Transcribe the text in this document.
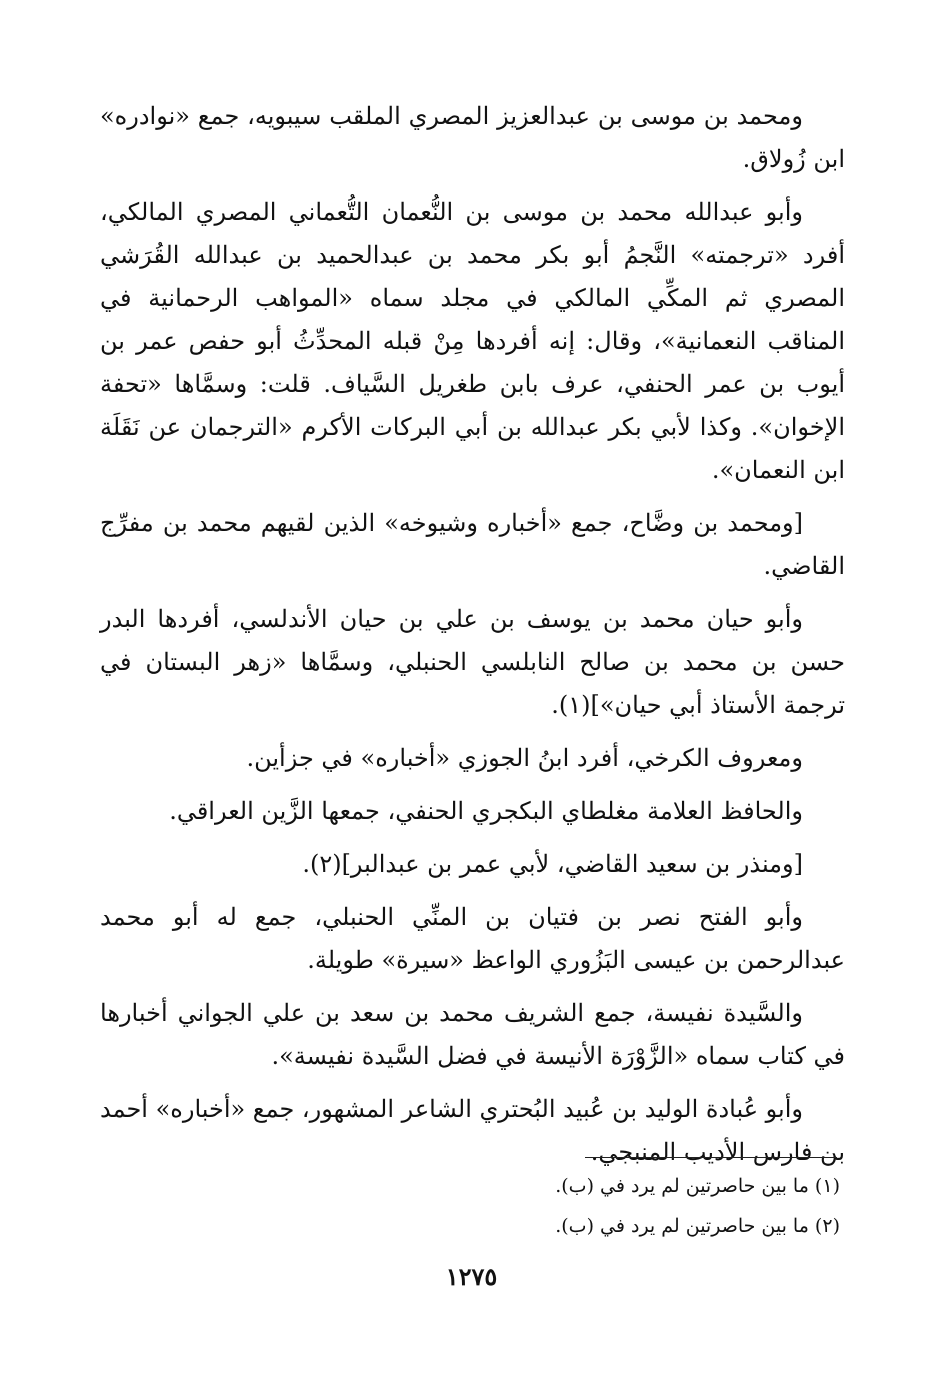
ومحمد بن موسى بن عبدالعزيز المصري الملقب سيبويه، جمع «نوادره» ابن زُولاق.

وأبو عبدالله محمد بن موسى بن النُّعمان التُّعماني المصري المالكي، أفرد «ترجمته» النَّجمُ أبو بكر محمد بن عبدالحميد بن عبدالله القُرَشي المصري ثم المكِّي المالكي في مجلد سماه «المواهب الرحمانية في المناقب النعمانية»، وقال: إنه أفردها مِنْ قبله المحدِّثُ أبو حفص عمر بن أيوب بن عمر الحنفي، عرف بابن طغريل السَّياف. قلت: وسمَّاها «تحفة الإخوان». وكذا لأبي بكر عبدالله بن أبي البركات الأكرم «الترجمان عن نَقَلَة ابن النعمان».

[ومحمد بن وضَّاح، جمع «أخباره وشيوخه» الذين لقيهم محمد بن مفرِّج القاضي.

وأبو حيان محمد بن يوسف بن علي بن حيان الأندلسي، أفردها البدر حسن بن محمد بن صالح النابلسي الحنبلي، وسمَّاها «زهر البستان في ترجمة الأستاذ أبي حيان»](١).

ومعروف الكرخي، أفرد ابنُ الجوزي «أخباره» في جزأين.

والحافظ العلامة مغلطاي البكجري الحنفي، جمعها الزَّين العراقي.

[ومنذر بن سعيد القاضي، لأبي عمر بن عبدالبر](٢).

وأبو الفتح نصر بن فتيان بن المنِّي الحنبلي، جمع له أبو محمد عبدالرحمن بن عيسى البَزُوري الواعظ «سيرة» طويلة.

والسَّيدة نفيسة، جمع الشريف محمد بن سعد بن علي الجواني أخبارها في كتاب سماه «الزَّوْرَة الأنيسة في فضل السَّيدة نفيسة».

وأبو عُبادة الوليد بن عُبيد البُحتري الشاعر المشهور، جمع «أخباره» أحمد بن فارس الأديب المنبجي.

(١) ما بين حاصرتين لم يرد في (ب).

(٢) ما بين حاصرتين لم يرد في (ب).

١٢٧٥
